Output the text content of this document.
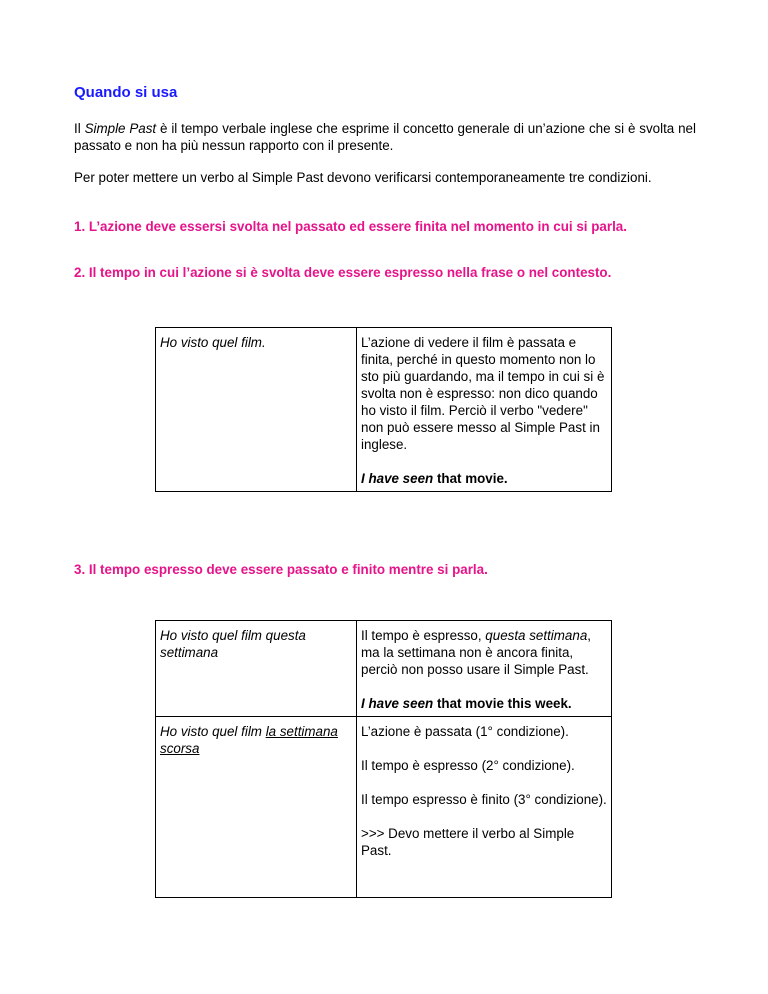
Quando si usa

Il Simple Past è il tempo verbale inglese che esprime il concetto generale di un’azione che si è svolta nel passato e non ha più nessun rapporto con il presente.

Per poter mettere un verbo al Simple Past devono verificarsi contemporaneamente tre condizioni.

1. L’azione deve essersi svolta nel passato ed essere finita nel momento in cui si parla.

2. Il tempo in cui l’azione si è svolta deve essere espresso nella frase o nel contesto.

Ho visto quel film.	L’azione di vedere il film è passata e finita, perché in questo momento non lo sto più guardando, ma il tempo in cui si è svolta non è espresso: non dico quando ho visto il film. Perciò il verbo "vedere" non può essere messo al Simple Past in inglese.

I have seen that movie.

3. Il tempo espresso deve essere passato e finito mentre si parla.

Ho visto quel film questa settimana	Il tempo è espresso, questa settimana, ma la settimana non è ancora finita, perciò non posso usare il Simple Past.

I have seen that movie this week.

Ho visto quel film la settimana scorsa	L’azione è passata (1° condizione).

Il tempo è espresso (2° condizione).

Il tempo espresso è finito (3° condizione).

>>> Devo mettere il verbo al Simple Past.
